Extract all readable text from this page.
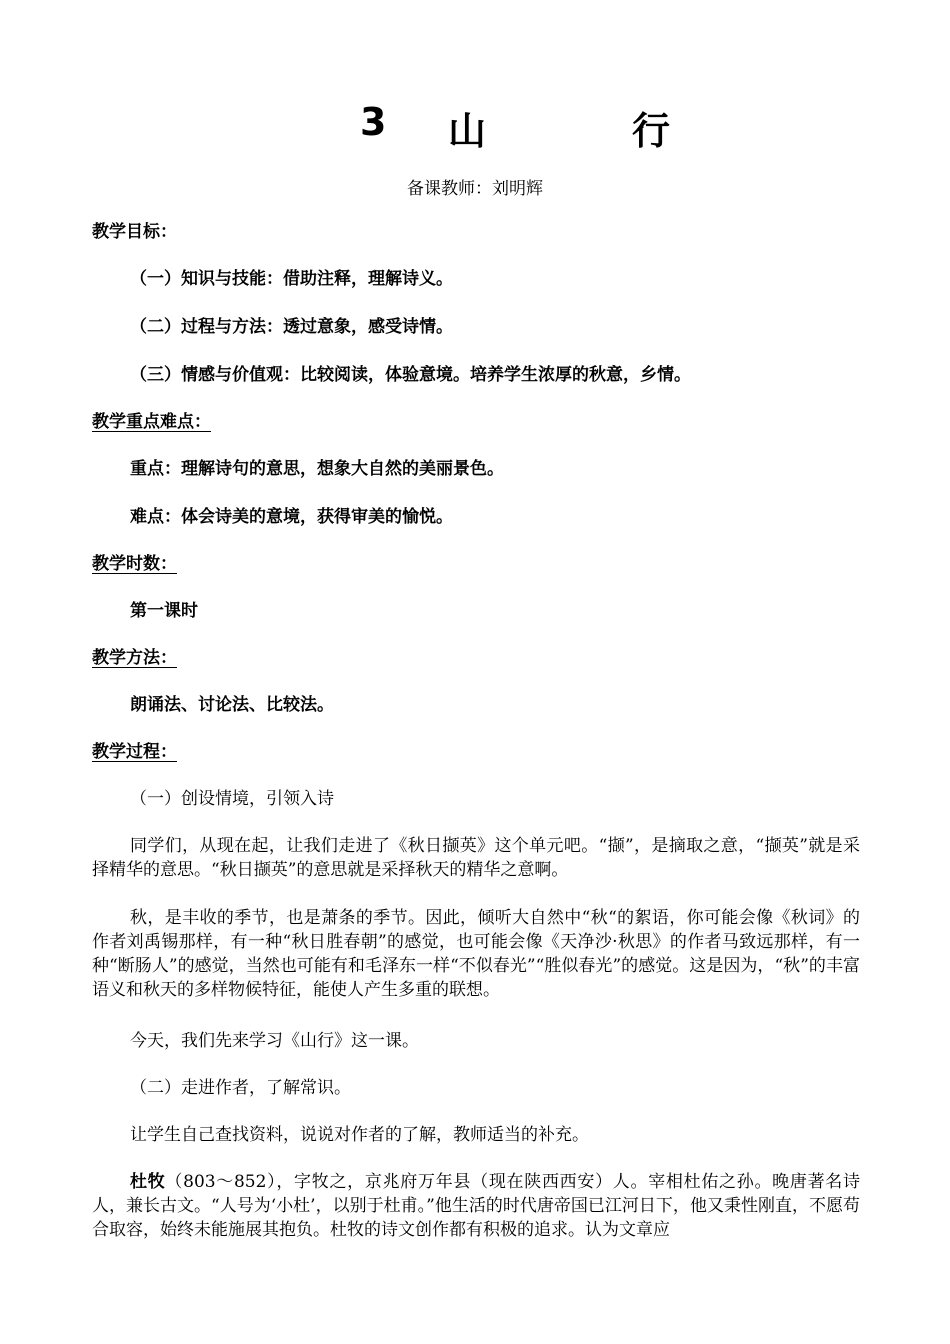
3 山	行
备课教师：刘明辉
教学目标：
（一）知识与技能：借助注释，理解诗义。
（二）过程与方法：透过意象，感受诗情。
（三）情感与价值观：比较阅读，体验意境。培养学生浓厚的秋意，乡情。
教学重点难点：
重点：理解诗句的意思，想象大自然的美丽景色。
难点：体会诗美的意境，获得审美的愉悦。
教学时数：
第一课时
教学方法：
朗诵法、讨论法、比较法。
教学过程：
（一）创设情境，引领入诗
同学们，从现在起，让我们走进了《秋日撷英》这个单元吧。“撷”，是摘取之意，“撷英”就是采择精华的意思。“秋日撷英”的意思就是采择秋天的精华之意啊。
秋，是丰收的季节，也是萧条的季节。因此，倾听大自然中“秋“的絮语，你可能会像《秋词》的作者刘禹锡那样，有一种“秋日胜春朝”的感觉，也可能会像《天净沙·秋思》的作者马致远那样，有一种“断肠人”的感觉，当然也可能有和毛泽东一样“不似春光”“胜似春光”的感觉。这是因为，“秋”的丰富语义和秋天的多样物候特征，能使人产生多重的联想。
今天，我们先来学习《山行》这一课。
（二）走进作者，了解常识。
让学生自己查找资料，说说对作者的了解，教师适当的补充。
杜牧（803～852），字牧之，京兆府万年县（现在陕西西安）人。宰相杜佑之孙。晚唐著名诗人，兼长古文。“人号为‘小杜’，以别于杜甫。”他生活的时代唐帝国已江河日下，他又秉性刚直，不愿苟合取容，始终未能施展其抱负。杜牧的诗文创作都有积极的追求。认为文章应
